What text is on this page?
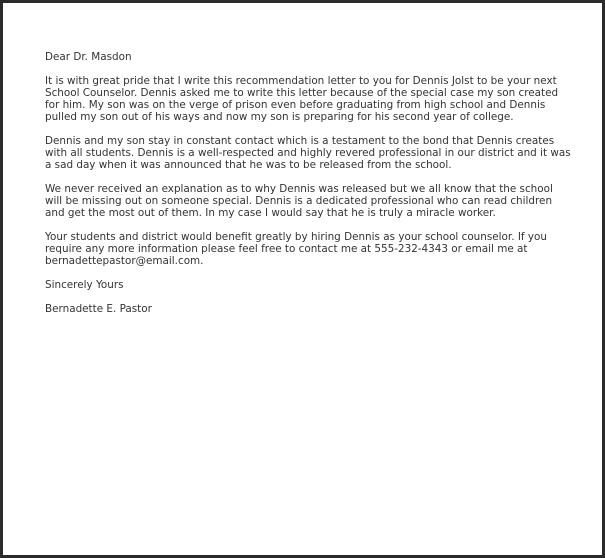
Dear Dr. Masdon

It is with great pride that I write this recommendation letter to you for Dennis Jolst to be your next School Counselor. Dennis asked me to write this letter because of the special case my son created for him. My son was on the verge of prison even before graduating from high school and Dennis pulled my son out of his ways and now my son is preparing for his second year of college.

Dennis and my son stay in constant contact which is a testament to the bond that Dennis creates with all students. Dennis is a well-respected and highly revered professional in our district and it was a sad day when it was announced that he was to be released from the school.

We never received an explanation as to why Dennis was released but we all know that the school will be missing out on someone special. Dennis is a dedicated professional who can read children and get the most out of them. In my case I would say that he is truly a miracle worker.

Your students and district would benefit greatly by hiring Dennis as your school counselor. If you require any more information please feel free to contact me at 555-232-4343 or email me at bernadettepastor@email.com.

Sincerely Yours

Bernadette E. Pastor
